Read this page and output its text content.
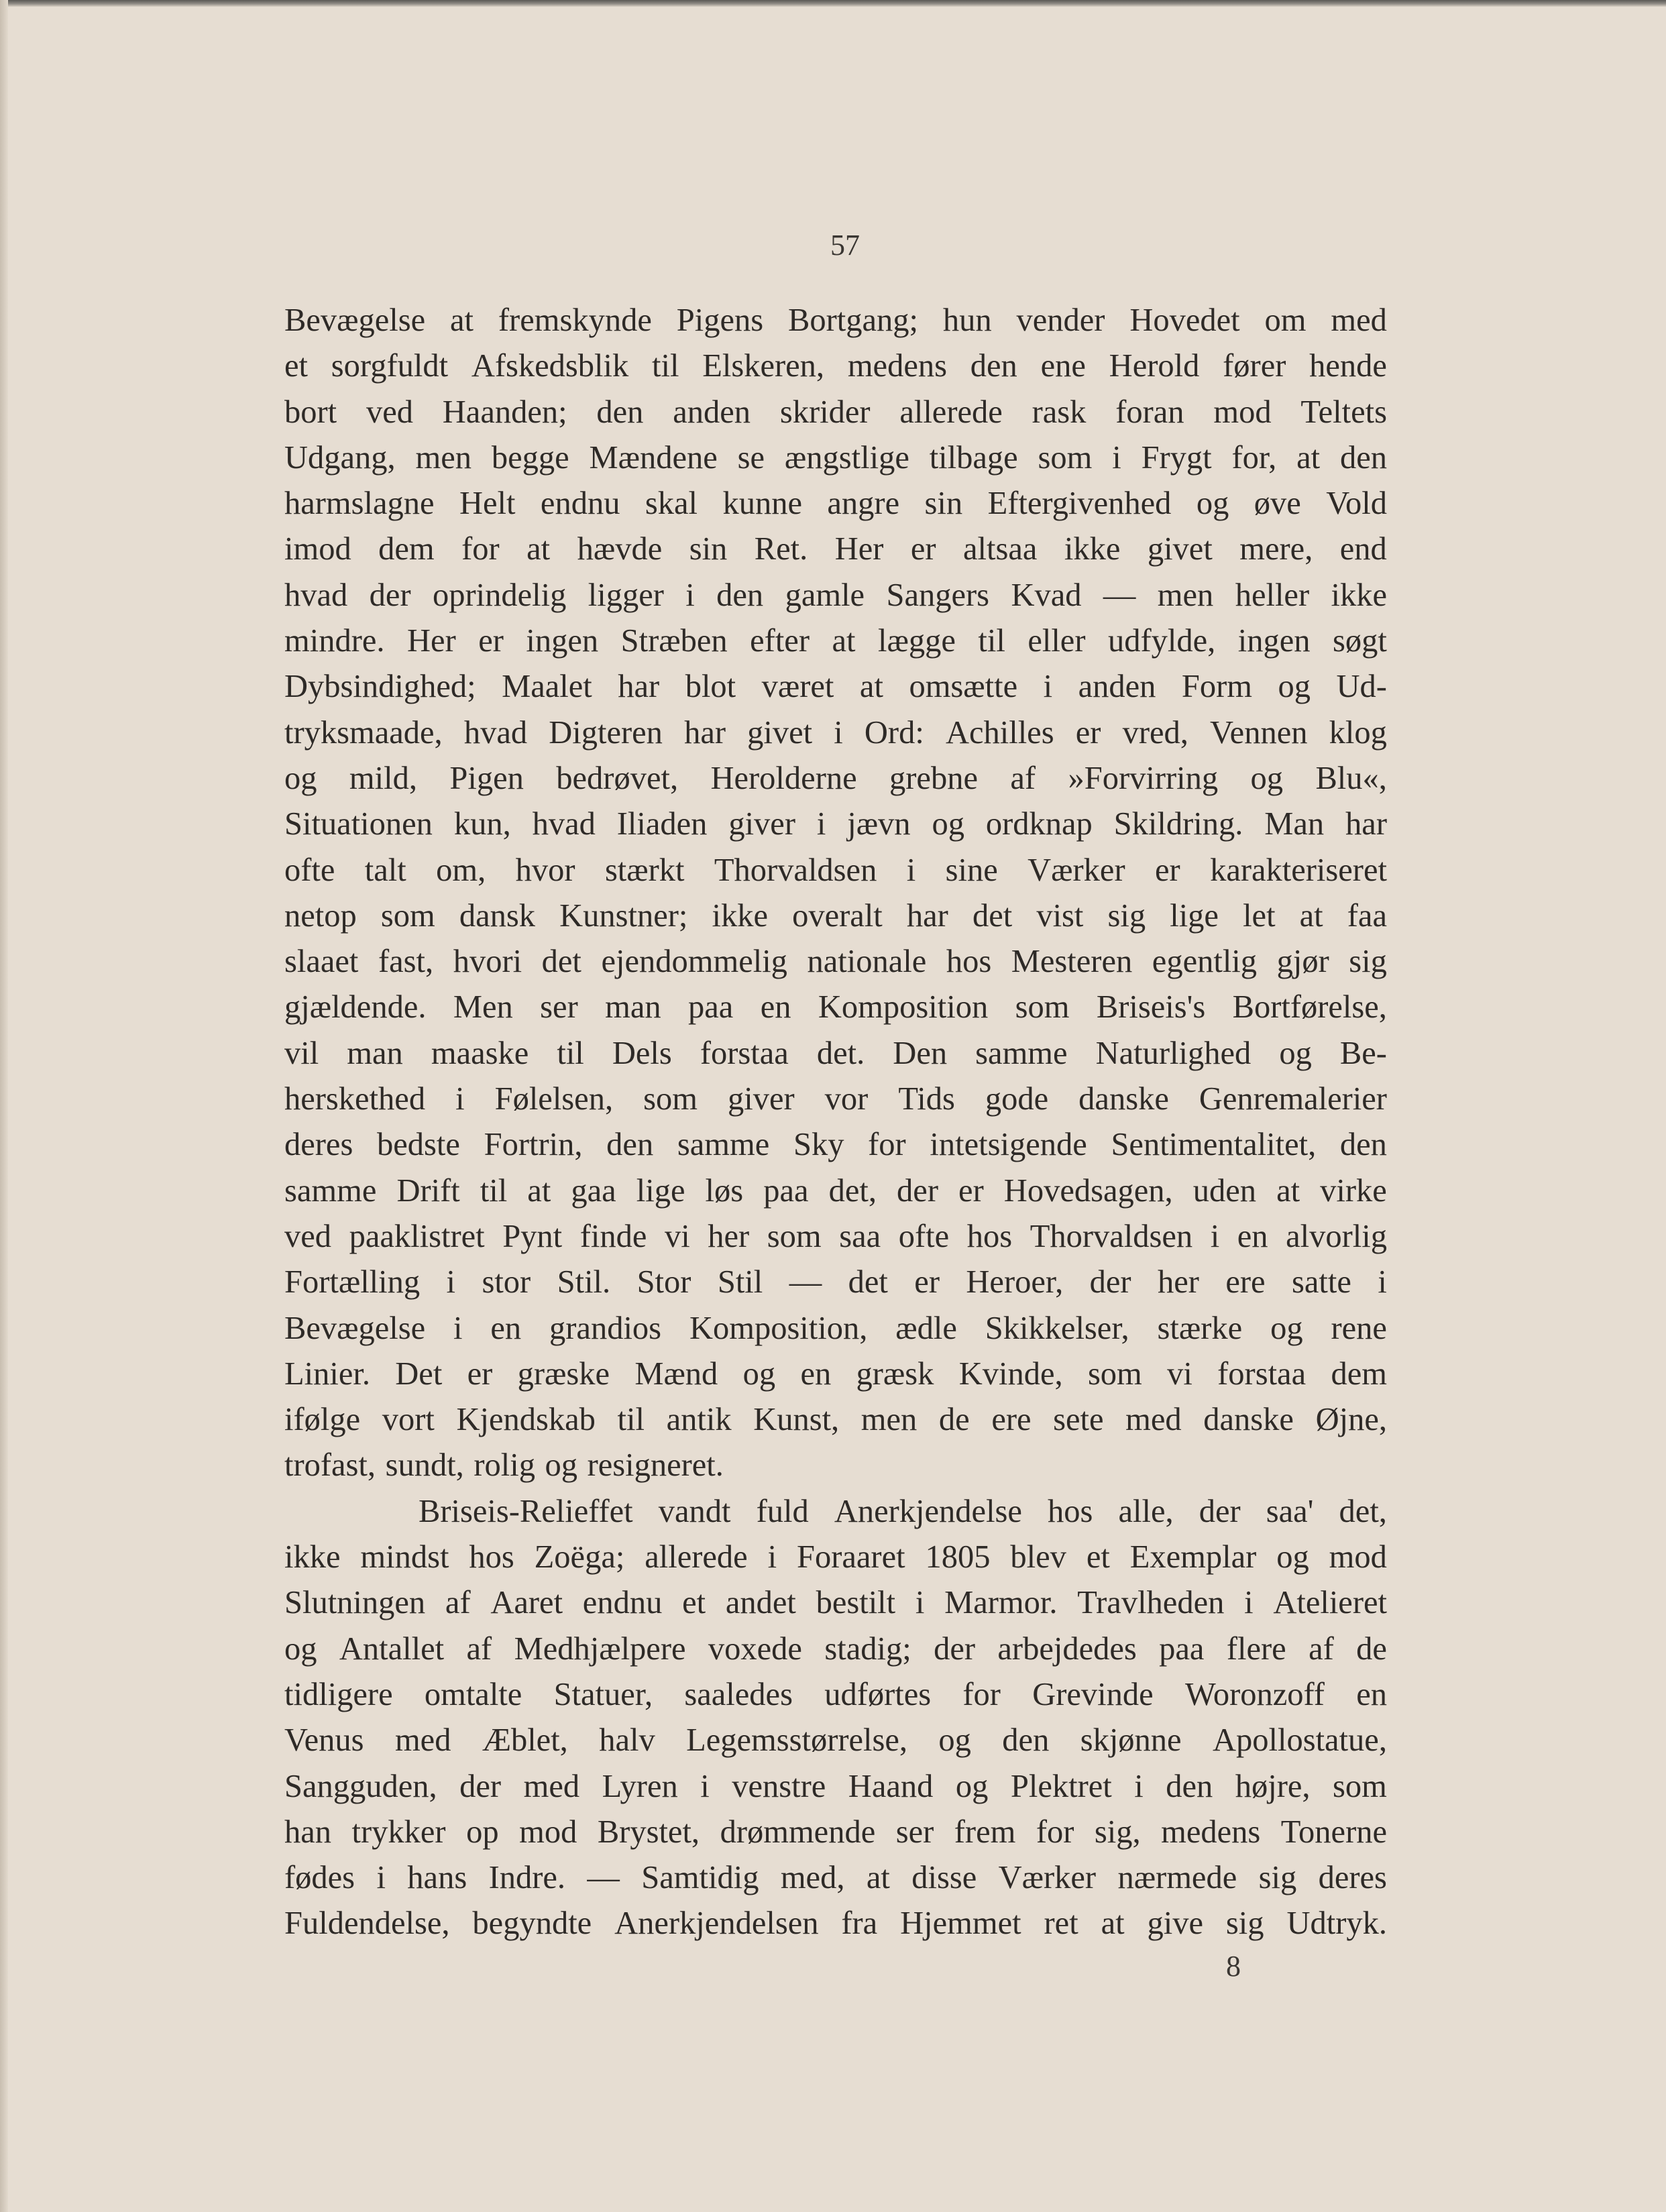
57
Bevægelse at fremskynde Pigens Bortgang; hun vender Hovedet om med
et sorgfuldt Afskedsblik til Elskeren, medens den ene Herold fører hende
bort ved Haanden; den anden skrider allerede rask foran mod Teltets
Udgang, men begge Mændene se ængstlige tilbage som i Frygt for, at den
harmslagne Helt endnu skal kunne angre sin Eftergivenhed og øve Vold
imod dem for at hævde sin Ret. Her er altsaa ikke givet mere, end
hvad der oprindelig ligger i den gamle Sangers Kvad — men heller ikke
mindre. Her er ingen Stræben efter at lægge til eller udfylde, ingen søgt
Dybsindighed; Maalet har blot været at omsætte i anden Form og Ud-
tryksmaade, hvad Digteren har givet i Ord: Achilles er vred, Vennen klog
og mild, Pigen bedrøvet, Herolderne grebne af »Forvirring og Blu«,
Situationen kun, hvad Iliaden giver i jævn og ordknap Skildring. Man har
ofte talt om, hvor stærkt Thorvaldsen i sine Værker er karakteriseret
netop som dansk Kunstner; ikke overalt har det vist sig lige let at faa
slaaet fast, hvori det ejendommelig nationale hos Mesteren egentlig gjør sig
gjældende. Men ser man paa en Komposition som Briseis's Bortførelse,
vil man maaske til Dels forstaa det. Den samme Naturlighed og Be-
herskethed i Følelsen, som giver vor Tids gode danske Genremalerier
deres bedste Fortrin, den samme Sky for intetsigende Sentimentalitet, den
samme Drift til at gaa lige løs paa det, der er Hovedsagen, uden at virke
ved paaklistret Pynt finde vi her som saa ofte hos Thorvaldsen i en alvorlig
Fortælling i stor Stil. Stor Stil — det er Heroer, der her ere satte i
Bevægelse i en grandios Komposition, ædle Skikkelser, stærke og rene
Linier. Det er græske Mænd og en græsk Kvinde, som vi forstaa dem
ifølge vort Kjendskab til antik Kunst, men de ere sete med danske Øjne,
trofast, sundt, rolig og resigneret.
Briseis-Relieffet vandt fuld Anerkjendelse hos alle, der saa' det,
ikke mindst hos Zoëga; allerede i Foraaret 1805 blev et Exemplar og mod
Slutningen af Aaret endnu et andet bestilt i Marmor. Travlheden i Atelieret
og Antallet af Medhjælpere voxede stadig; der arbejdedes paa flere af de
tidligere omtalte Statuer, saaledes udførtes for Grevinde Woronzoff en
Venus med Æblet, halv Legemsstørrelse, og den skjønne Apollostatue,
Sangguden, der med Lyren i venstre Haand og Plektret i den højre, som
han trykker op mod Brystet, drømmende ser frem for sig, medens Tonerne
fødes i hans Indre. — Samtidig med, at disse Værker nærmede sig deres
Fuldendelse, begyndte Anerkjendelsen fra Hjemmet ret at give sig Udtryk.
8
